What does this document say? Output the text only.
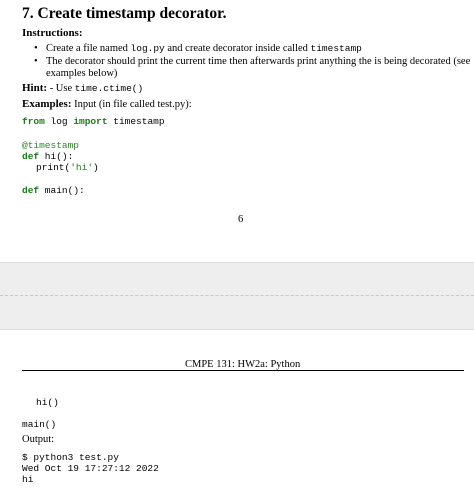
7. Create timestamp decorator.
Instructions:
• Create a file named log.py and create decorator inside called timestamp
• The decorator should print the current time then afterwards print anything the is being decorated (see
examples below)
Hint: - Use time.ctime()
Examples: Input (in file called test.py):
from log import timestamp
@timestamp
def hi():
print('hi')
def main():
6
CMPE 131: HW2a: Python
hi()
main()
Output:
$ python3 test.py
Wed Oct 19 17:27:12 2022
hi
